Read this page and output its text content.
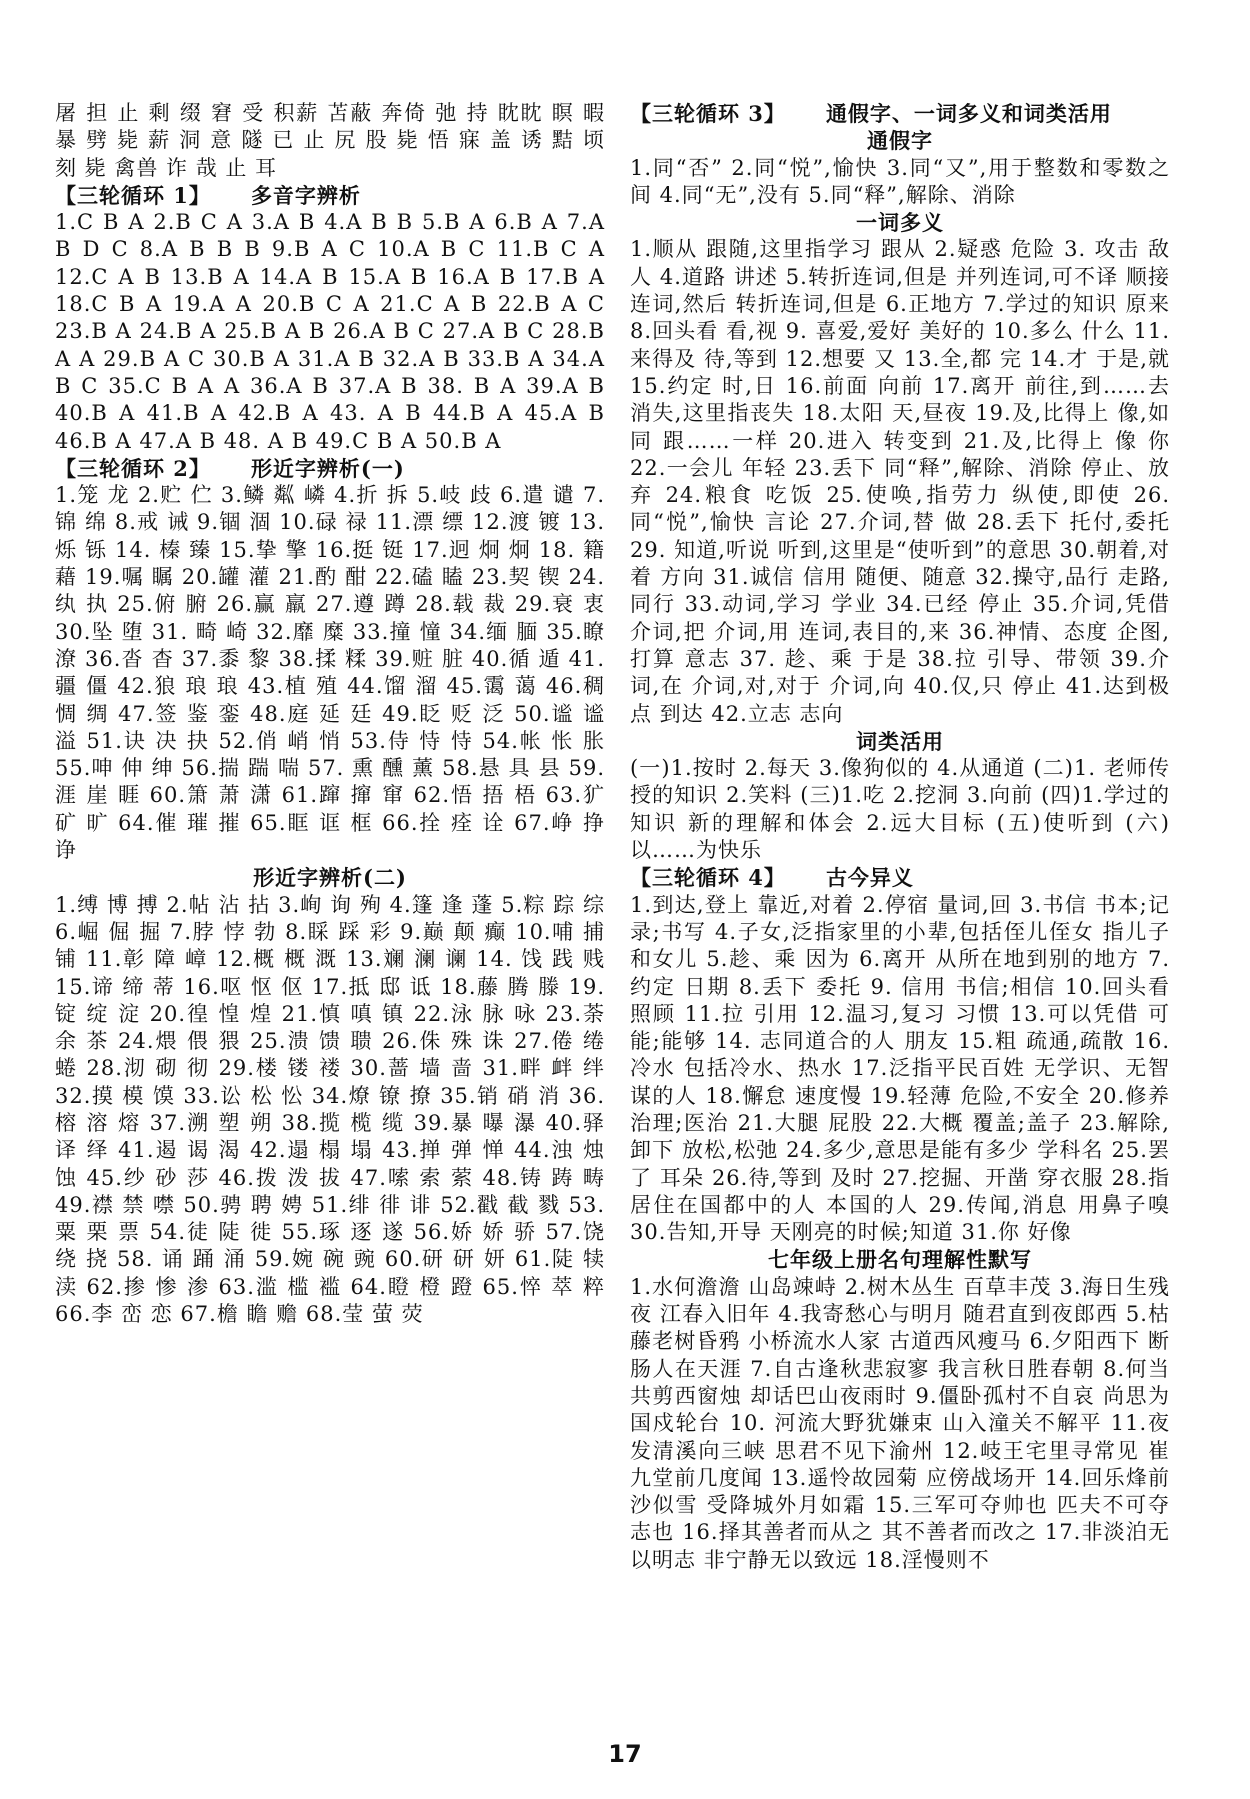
屠 担 止 剩 缀 窘 受 积薪 苫蔽 奔倚 弛 持 眈眈 瞑 暇 暴 劈 毙 薪 洞 意 隧 已 止 尻 股 毙 悟 寐 盖 诱 黠 顷 刻 毙 禽兽 诈 哉 止 耳

【三轮循环 1】 多音字辨析

1.C B A 2.B C A 3.A B 4.A B B 5.B A 6.B A 7.A B D C 8.A B B B 9.B A C 10.A B C 11.B C A 12.C A B 13.B A 14.A B 15.A B 16.A B 17.B A 18.C B A 19.A A 20.B C A 21.C A B 22.B A C 23.B A 24.B A 25.B A B 26.A B C 27.A B C 28.B A A 29.B A C 30.B A 31.A B 32.A B 33.B A 34.A B C 35.C B A A 36.A B 37.A B 38. B A 39.A B 40.B A 41.B A 42.B A 43. A B 44.B A 45.A B 46.B A 47.A B 48. A B 49.C B A 50.B A

【三轮循环 2】 形近字辨析(一)

1.笼 龙 2.贮 伫 3.鳞 粼 嶙 4.折 拆 5.岐 歧 6.遣 谴 7.锦 绵 8.戒 诫 9.锢 涸 10.碌 禄 11.漂 缥 12.渡 镀 13.烁 铄 14. 榛 臻 15.挚 擎 16.挺 铤 17.迥 炯 炯 18. 籍 藉 19.嘱 瞩 20.罐 灌 21.酌 酣 22.磕 瞌 23.契 锲 24.纨 执 25.俯 腑 26.赢 羸 27.遵 蹲 28.载 裁 29.衰 衷 30.坠 堕 31. 畸 崎 32.靡 糜 33.撞 憧 34.缅 腼 35.瞭 潦 36.沓 杳 37.黍 黎 38.揉 糅 39.赃 脏 40.循 遁 41.疆 僵 42.狼 琅 琅 43.植 殖 44.馏 溜 45.霭 蔼 46.稠 惆 绸 47.签 鉴 銮 48.庭 延 廷 49.眨 贬 泛 50.谧 谧 溢 51.诀 决 抉 52.俏 峭 悄 53.侍 恃 恃 54.帐 怅 胀 55.呻 伸 绅 56.揣 踹 喘 57. 熏 醺 薰 58.悬 具 县 59.涯 崖 睚 60.箫 萧 潇 61.蹿 撺 窜 62.悟 捂 梧 63.犷 矿 旷 64.催 璀 摧 65.眶 诓 框 66.拴 痊 诠 67.峥 挣 诤

形近字辨析(二)

1.缚 博 搏 2.帖 沾 拈 3.峋 询 殉 4.篷 逢 蓬 5.粽 踪 综 6.崛 倔 掘 7.脖 悖 勃 8.睬 踩 彩 9.巅 颠 癫 10.哺 捕 铺 11.彰 障 嶂 12.概 概 溉 13.斓 澜 谰 14. 饯 践 贱 15.谛 缔 蒂 16.呕 怄 伛 17.抵 邸 诋 18.藤 腾 滕 19.锭 绽 淀 20.徨 惶 煌 21.慎 嗔 镇 22.泳 脉 咏 23.荼 余 茶 24.煨 偎 猥 25.溃 馈 聩 26.侏 殊 诛 27.倦 绻 蜷 28.沏 砌 彻 29.楼 镂 褛 30.蔷 墙 啬 31.畔 衅 绊 32.摸 模 馍 33.讼 松 忪 34.燎 镣 撩 35.销 硝 消 36. 榕 溶 熔 37.溯 塑 朔 38.揽 榄 缆 39.暴 曝 瀑 40.驿 译 绎 41.遏 谒 渴 42.遢 榻 塌 43.掸 弹 惮 44.浊 烛 蚀 45.纱 砂 莎 46.拨 泼 拔 47.嗦 索 萦 48.铸 踌 畴 49.襟 禁 噤 50.骋 聘 娉 51.绯 徘 诽 52.戳 截 戮 53.粟 栗 票 54.徒 陡 徙 55.琢 逐 遂 56.娇 娇 骄 57.饶 绕 挠 58. 诵 踊 涌 59.婉 碗 豌 60.研 研 妍 61.陡 犊 渎 62.掺 惨 渗 63.滥 槛 褴 64.瞪 橙 蹬 65.悴 萃 粹 66.李 峦 恋 67.檐 瞻 赡 68.莹 萤 荧

【三轮循环 3】 通假字、一词多义和词类活用
通假字

1.同“否” 2.同“悦”,愉快 3.同“又”,用于整数和零数之间 4.同“无”,没有 5.同“释”,解除、消除

一词多义

1.顺从 跟随,这里指学习 跟从 2.疑惑 危险 3. 攻击 敌人 4.道路 讲述 5.转折连词,但是 并列连词,可不译 顺接连词,然后 转折连词,但是 6.正地方 7.学过的知识 原来 8.回头看 看,视 9. 喜爱,爱好 美好的 10.多么 什么 11.来得及 待,等到 12.想要 又 13.全,都 完 14.才 于是,就 15.约定 时,日 16.前面 向前 17.离开 前往,到……去 消失,这里指丧失 18.太阳 天,昼夜 19.及,比得上 像,如同 跟……一样 20.进入 转变到 21.及,比得上 像 你 22.一会儿 年轻 23.丢下 同“释”,解除、消除 停止、放弃 24.粮食 吃饭 25.使唤,指劳力 纵使,即使 26.同“悦”,愉快 言论 27.介词,替 做 28.丢下 托付,委托 29. 知道,听说 听到,这里是“使听到”的意思 30.朝着,对着 方向 31.诚信 信用 随便、随意 32.操守,品行 走路,同行 33.动词,学习 学业 34.已经 停止 35.介词,凭借 介词,把 介词,用 连词,表目的,来 36.神情、态度 企图,打算 意志 37. 趁、乘 于是 38.拉 引导、带领 39.介词,在 介词,对,对于 介词,向 40.仅,只 停止 41.达到极点 到达 42.立志 志向

词类活用

(一)1.按时 2.每天 3.像狗似的 4.从通道 (二)1. 老师传授的知识 2.笑料 (三)1.吃 2.挖洞 3.向前 (四)1.学过的知识 新的理解和体会 2.远大目标 (五)使听到 (六)以……为快乐

【三轮循环 4】 古今异义

1.到达,登上 靠近,对着 2.停宿 量词,回 3.书信 书本;记录;书写 4.子女,泛指家里的小辈,包括侄儿侄女 指儿子和女儿 5.趁、乘 因为 6.离开 从所在地到别的地方 7.约定 日期 8.丢下 委托 9. 信用 书信;相信 10.回头看 照顾 11.拉 引用 12.温习,复习 习惯 13.可以凭借 可能;能够 14. 志同道合的人 朋友 15.粗 疏通,疏散 16.冷水 包括冷水、热水 17.泛指平民百姓 无学识、无智谋的人 18.懈怠 速度慢 19.轻薄 危险,不安全 20.修养 治理;医治 21.大腿 屁股 22.大概 覆盖;盖子 23.解除,卸下 放松,松弛 24.多少,意思是能有多少 学科名 25.罢了 耳朵 26.待,等到 及时 27.挖掘、开凿 穿衣服 28.指居住在国都中的人 本国的人 29.传闻,消息 用鼻子嗅 30.告知,开导 天刚亮的时候;知道 31.你 好像

七年级上册名句理解性默写

1.水何澹澹 山岛竦峙 2.树木丛生 百草丰茂 3.海日生残夜 江春入旧年 4.我寄愁心与明月 随君直到夜郎西 5.枯藤老树昏鸦 小桥流水人家 古道西风瘦马 6.夕阳西下 断肠人在天涯 7.自古逢秋悲寂寥 我言秋日胜春朝 8.何当共剪西窗烛 却话巴山夜雨时 9.僵卧孤村不自哀 尚思为国戍轮台 10. 河流大野犹嫌束 山入潼关不解平 11.夜发清溪向三峡 思君不见下渝州 12.岐王宅里寻常见 崔九堂前几度闻 13.遥怜故园菊 应傍战场开 14.回乐烽前沙似雪 受降城外月如霜 15.三军可夺帅也 匹夫不可夺志也 16.择其善者而从之 其不善者而改之 17.非淡泊无以明志 非宁静无以致远 18.淫慢则不

17
